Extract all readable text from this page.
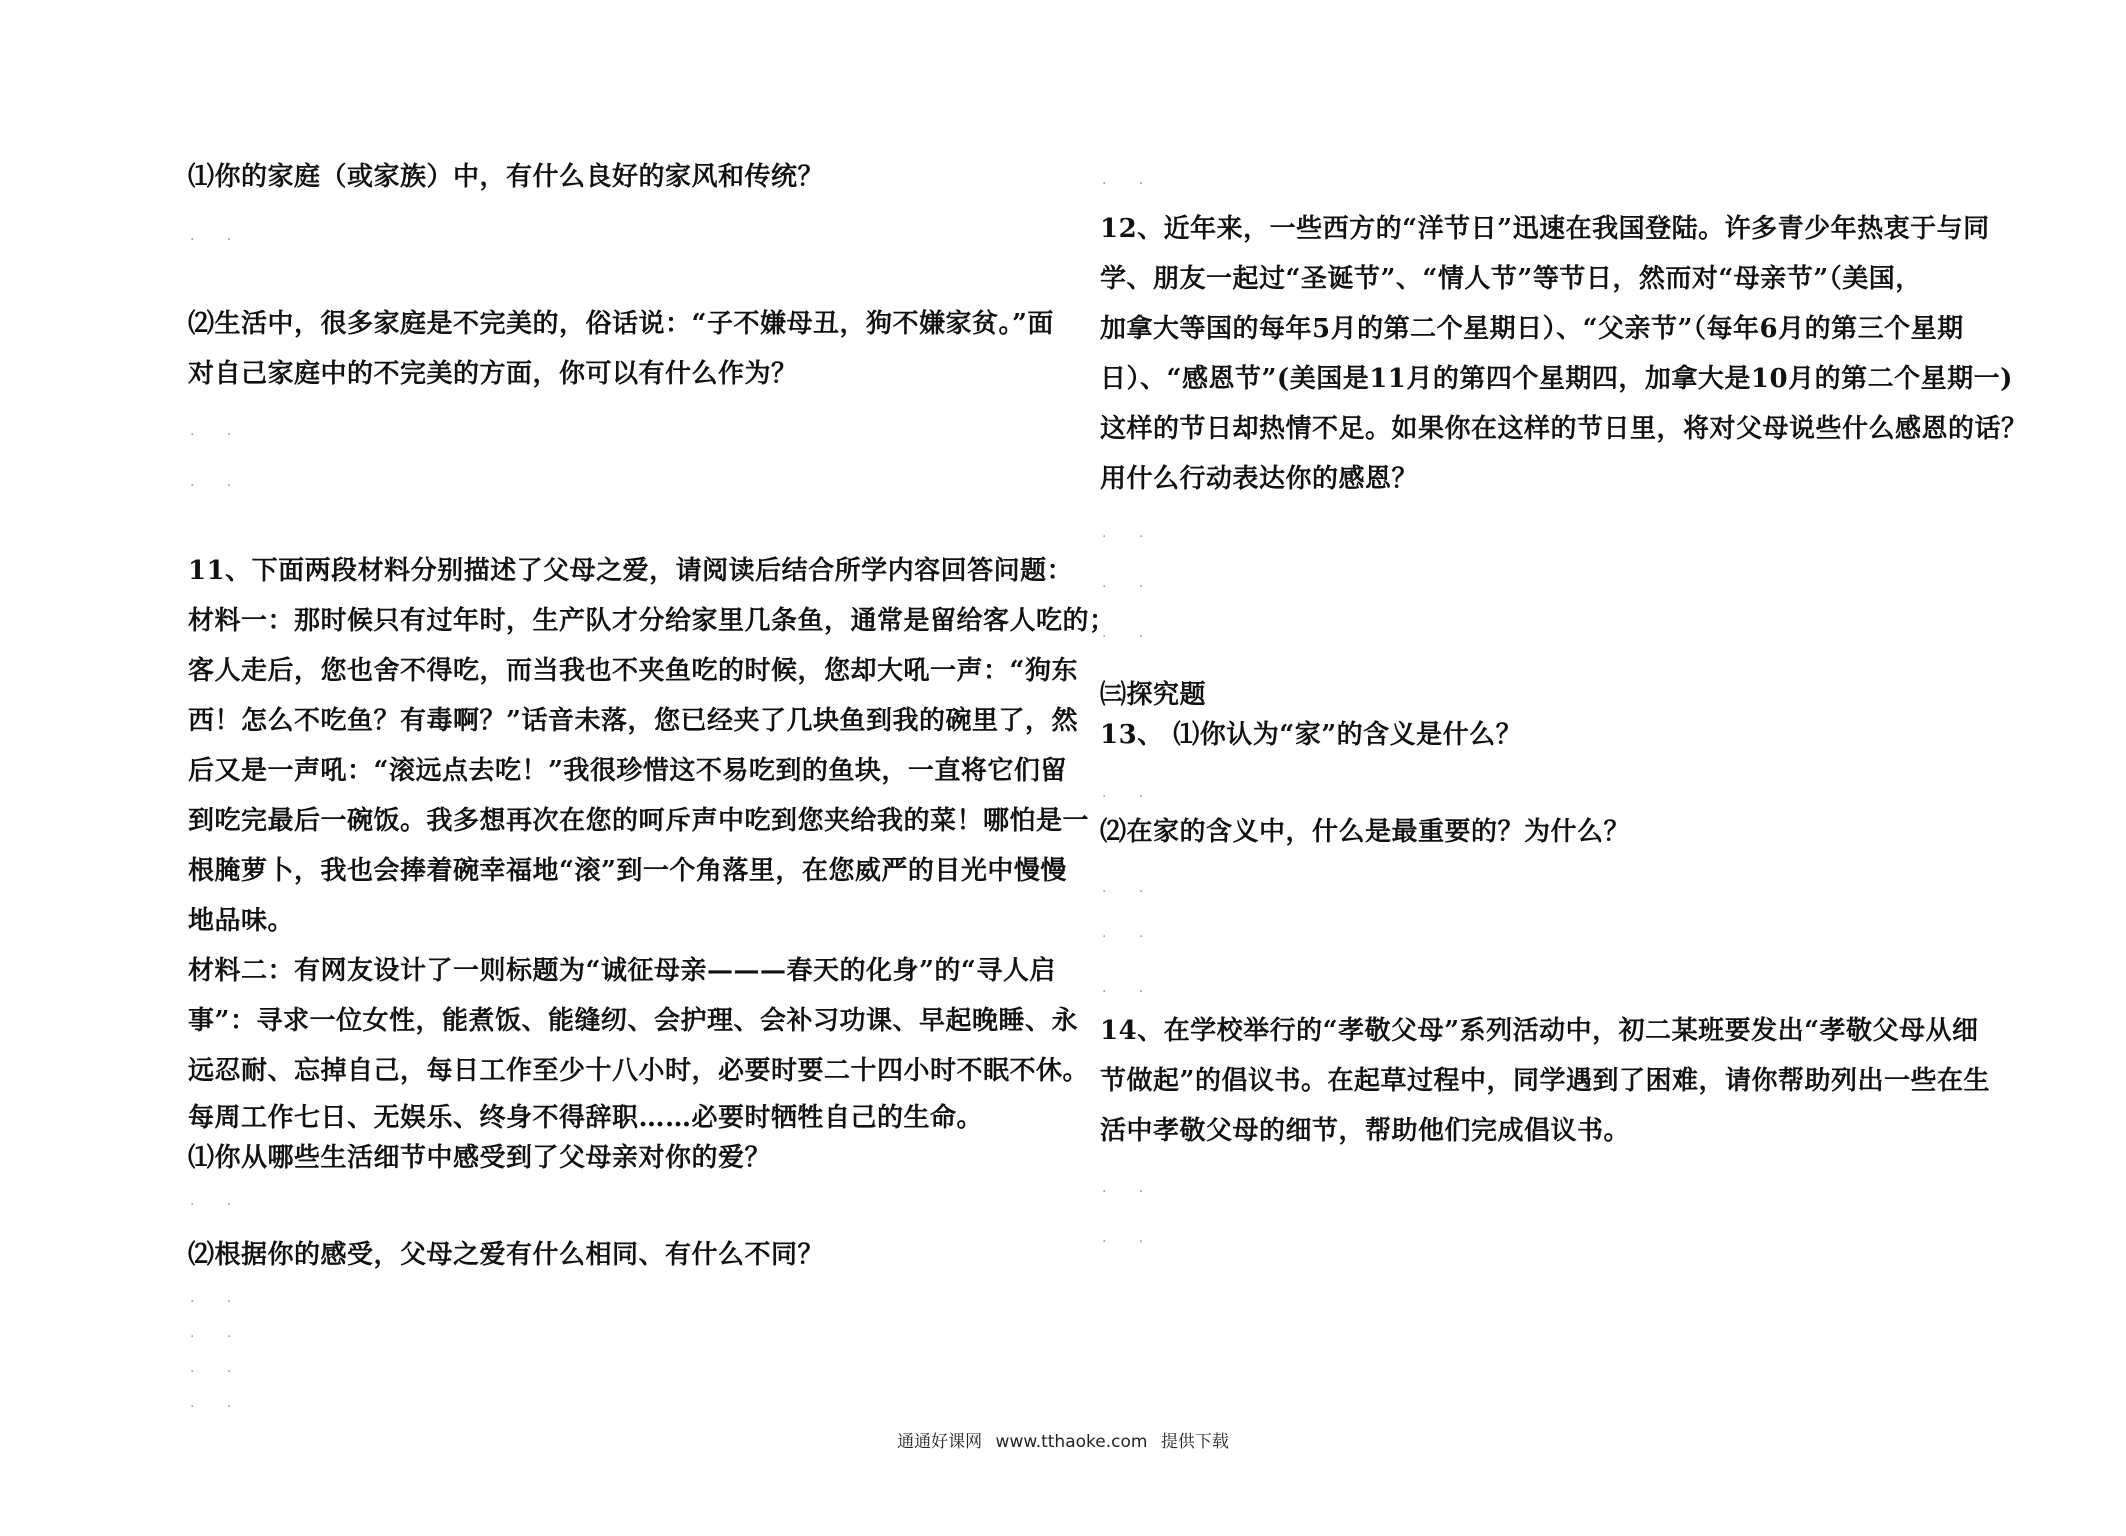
⑴你的家庭（或家族）中，有什么良好的家风和传统？
. .
⑵生活中，很多家庭是不完美的，俗话说：“子不嫌母丑，狗不嫌家贫。”面
对自己家庭中的不完美的方面，你可以有什么作为？
. .
. .
11、下面两段材料分别描述了父母之爱，请阅读后结合所学内容回答问题：
材料一：那时候只有过年时，生产队才分给家里几条鱼，通常是留给客人吃的；
客人走后，您也舍不得吃，而当我也不夹鱼吃的时候，您却大吼一声：“狗东
西！怎么不吃鱼？有毒啊？”话音未落，您已经夹了几块鱼到我的碗里了，然
后又是一声吼：“滚远点去吃！”我很珍惜这不易吃到的鱼块，一直将它们留
到吃完最后一碗饭。我多想再次在您的呵斥声中吃到您夹给我的菜！哪怕是一
根腌萝卜，我也会捧着碗幸福地“滚”到一个角落里，在您威严的目光中慢慢
地品味。
材料二：有网友设计了一则标题为“诚征母亲———春天的化身”的“寻人启
事”：寻求一位女性，能煮饭、能缝纫、会护理、会补习功课、早起晚睡、永
远忍耐、忘掉自己，每日工作至少十八小时，必要时要二十四小时不眠不休。
每周工作七日、无娱乐、终身不得辞职……必要时牺牲自己的生命。
⑴你从哪些生活细节中感受到了父母亲对你的爱？
. .
⑵根据你的感受，父母之爱有什么相同、有什么不同？
. .
. .
. .
. .
. .
12、近年来，一些西方的“洋节日”迅速在我国登陆。许多青少年热衷于与同
学、朋友一起过“圣诞节”、“情人节”等节日，然而对“母亲节”（美国，
加拿大等国的每年5月的第二个星期日）、“父亲节”（每年6月的第三个星期
日）、“感恩节”(美国是11月的第四个星期四，加拿大是10月的第二个星期一)
这样的节日却热情不足。如果你在这样的节日里，将对父母说些什么感恩的话？
用什么行动表达你的感恩？
. .
. .
. .
㈢探究题
13、 ⑴你认为“家”的含义是什么？
. .
⑵在家的含义中，什么是最重要的？为什么？
. .
. .
. .
14、在学校举行的“孝敬父母”系列活动中，初二某班要发出“孝敬父母从细
节做起”的倡议书。在起草过程中，同学遇到了困难，请你帮助列出一些在生
活中孝敬父母的细节，帮助他们完成倡议书。
. .
. .
通通好课网 www.tthaoke.com 提供下载
